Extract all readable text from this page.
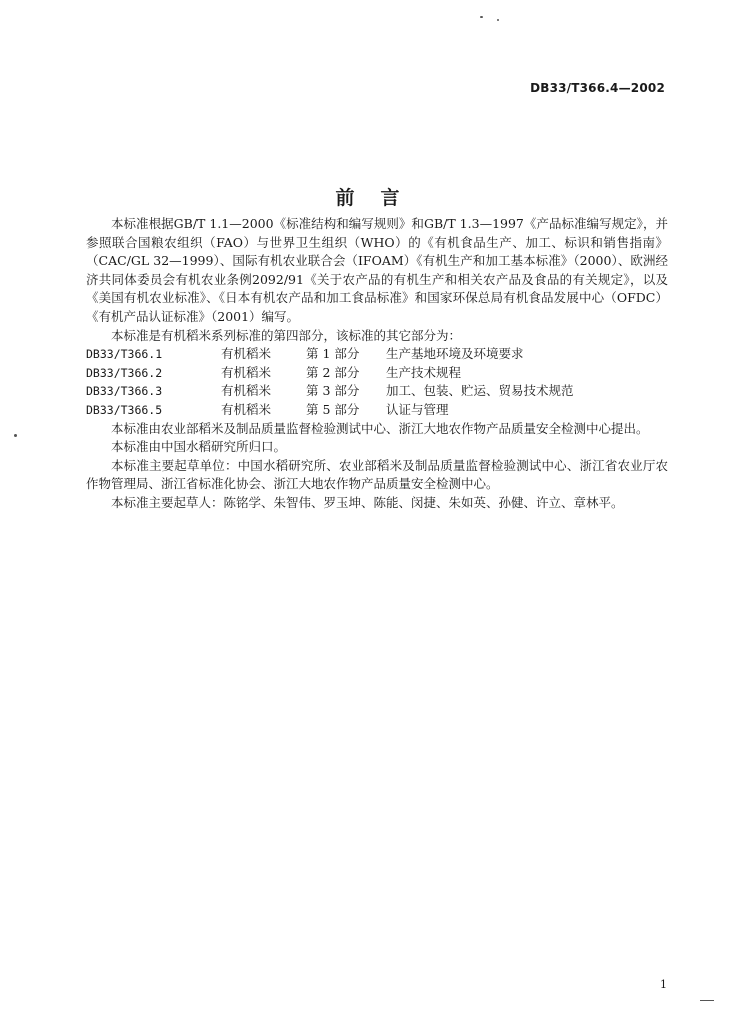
DB33/T366.4—2002
前言

本标准根据GB/T 1.1—2000《标准结构和编写规则》和GB/T 1.3—1997《产品标准编写规定》，并参照联合国粮农组织（FAO）与世界卫生组织（WHO）的《有机食品生产、加工、标识和销售指南》（CAC/GL 32—1999）、国际有机农业联合会（IFOAM）《有机生产和加工基本标准》（2000）、欧洲经济共同体委员会有机农业条例2092/91《关于农产品的有机生产和相关农产品及食品的有关规定》，以及《美国有机农业标准》、《日本有机农产品和加工食品标准》和国家环保总局有机食品发展中心（OFDC）《有机产品认证标准》（2001）编写。

本标准是有机稻米系列标准的第四部分，该标准的其它部分为：

DB33/T366.1	有机稻米	第 1 部分	生产基地环境及环境要求
DB33/T366.2	有机稻米	第 2 部分	生产技术规程
DB33/T366.3	有机稻米	第 3 部分	加工、包装、贮运、贸易技术规范
DB33/T366.5	有机稻米	第 5 部分	认证与管理

本标准由农业部稻米及制品质量监督检验测试中心、浙江大地农作物产品质量安全检测中心提出。

本标准由中国水稻研究所归口。

本标准主要起草单位：中国水稻研究所、农业部稻米及制品质量监督检验测试中心、浙江省农业厅农作物管理局、浙江省标准化协会、浙江大地农作物产品质量安全检测中心。

本标准主要起草人：陈铭学、朱智伟、罗玉坤、陈能、闵捷、朱如英、孙健、许立、章林平。

1
